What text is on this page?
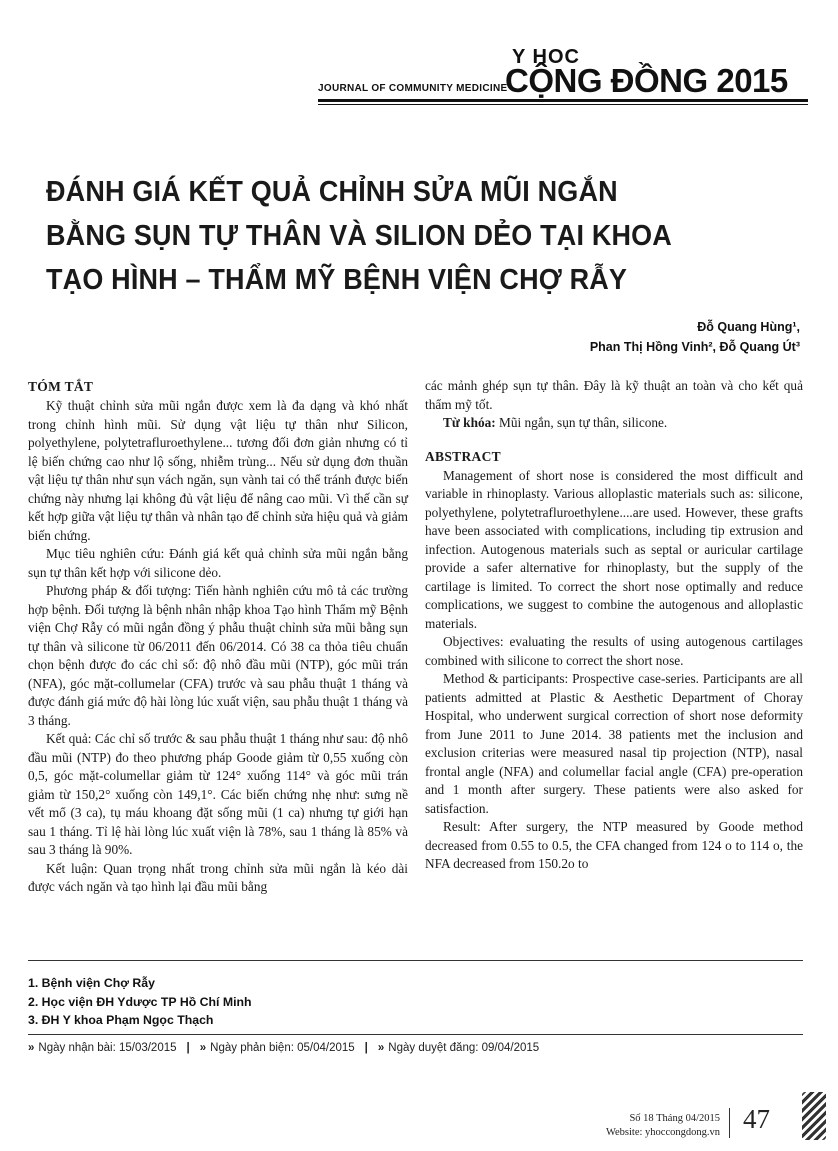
Y HOC
JOURNAL OF COMMUNITY MEDICINE
CỘNG ĐỒNG 2015
ĐÁNH GIÁ KẾT QUẢ CHỈNH SỬA MŨI NGẮN
BẰNG SỤN TỰ THÂN VÀ SILION DẺO TẠI KHOA
TẠO HÌNH – THẨM MỸ BỆNH VIỆN CHỢ RẪY
Đỗ Quang Hùng¹,
Phan Thị Hồng Vinh², Đỗ Quang Út³
TÓM TẮT

Kỹ thuật chỉnh sửa mũi ngắn được xem là đa dạng và khó nhất trong chỉnh hình mũi. Sử dụng vật liệu tự thân như Silicon, polyethylene, polytetrafluroethylene... tương đối đơn giản nhưng có tỉ lệ biến chứng cao như lộ sống, nhiễm trùng... Nếu sử dụng đơn thuần vật liệu tự thân như sụn vách ngăn, sụn vành tai có thể tránh được biến chứng này nhưng lại không đủ vật liệu để nâng cao mũi. Vì thế cần sự kết hợp giữa vật liệu tự thân và nhân tạo để chỉnh sửa hiệu quả và giảm biến chứng.

Mục tiêu nghiên cứu: Đánh giá kết quả chỉnh sửa mũi ngắn bằng sụn tự thân kết hợp với silicone dẻo.

Phương pháp & đối tượng: Tiến hành nghiên cứu mô tả các trường hợp bệnh. Đối tượng là bệnh nhân nhập khoa Tạo hình Thẩm mỹ Bệnh viện Chợ Rẫy có mũi ngắn đồng ý phẫu thuật chỉnh sửa mũi bằng sụn tự thân và silicone từ 06/2011 đến 06/2014. Có 38 ca thỏa tiêu chuẩn chọn bệnh được đo các chỉ số: độ nhô đầu mũi (NTP), góc mũi trán (NFA), góc mặt-collumelar (CFA) trước và sau phẫu thuật 1 tháng và được đánh giá mức độ hài lòng lúc xuất viện, sau phẫu thuật 1 tháng và 3 tháng.

Kết quả: Các chỉ số trước & sau phẫu thuật 1 tháng như sau: độ nhô đầu mũi (NTP) đo theo phương pháp Goode giảm từ 0,55 xuống còn 0,5, góc mặt-columellar giảm từ 124° xuống 114° và góc mũi trán giảm từ 150,2° xuống còn 149,1°. Các biến chứng nhẹ như: sưng nề vết mổ (3 ca), tụ máu khoang đặt sống mũi (1 ca) nhưng tự giới hạn sau 1 tháng. Tỉ lệ hài lòng lúc xuất viện là 78%, sau 1 tháng là 85% và sau 3 tháng là 90%.

Kết luận: Quan trọng nhất trong chỉnh sửa mũi ngắn là kéo dài được vách ngăn và tạo hình lại đầu mũi bằng

các mảnh ghép sụn tự thân. Đây là kỹ thuật an toàn và cho kết quả thẩm mỹ tốt.

Từ khóa: Mũi ngắn, sụn tự thân, silicone.

ABSTRACT

Management of short nose is considered the most difficult and variable in rhinoplasty. Various alloplastic materials such as: silicone, polyethylene, polytetrafluroethylene....are used. However, these grafts have been associated with complications, including tip extrusion and infection. Autogenous materials such as septal or auricular cartilage provide a safer alternative for rhinoplasty, but the supply of the cartilage is limited. To correct the short nose optimally and reduce complications, we suggest to combine the autogenous and alloplastic materials.

Objectives: evaluating the results of using autogenous cartilages combined with silicone to correct the short nose.

Method & participants: Prospective case-series. Participants are all patients admitted at Plastic & Aesthetic Department of Choray Hospital, who underwent surgical correction of short nose deformity from June 2011 to June 2014. 38 patients met the inclusion and exclusion criterias were measured nasal tip projection (NTP), nasal frontal angle (NFA) and columellar facial angle (CFA) pre-operation and 1 month after surgery. These patients were also asked for satisfaction.

Result: After surgery, the NTP measured by Goode method decreased from 0.55 to 0.5, the CFA changed from 124 o to 114 o, the NFA decreased from 150.2o to

1. Bệnh viện Chợ Rẫy
2. Học viện ĐH Ydược TP Hồ Chí Minh
3. ĐH Y khoa Phạm Ngọc Thạch
» Ngày nhận bài: 15/03/2015 | » Ngày phản biện: 05/04/2015 | » Ngày duyệt đăng: 09/04/2015
Số 18 Tháng 04/2015
Website: yhoccongdong.vn 47
